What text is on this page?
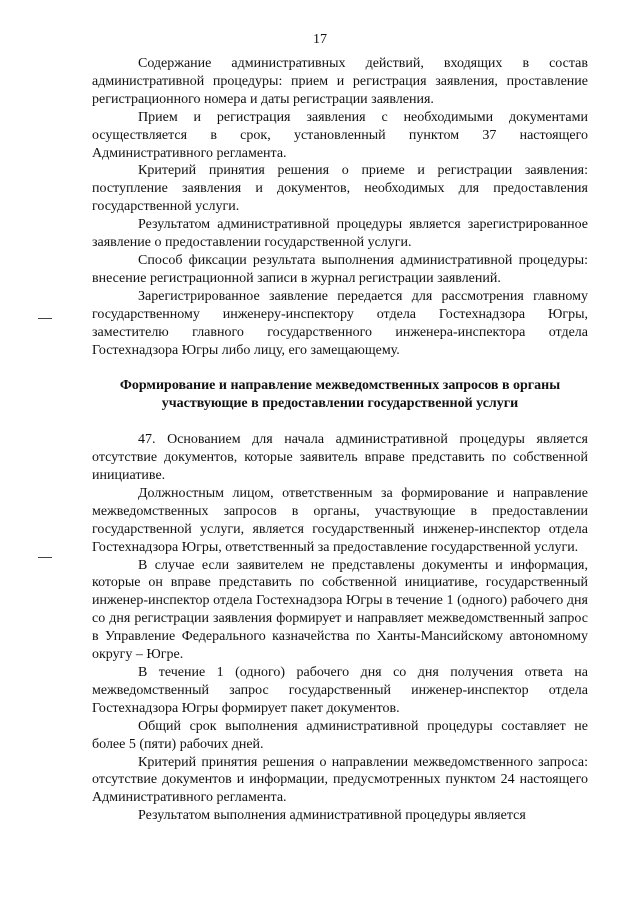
17

Содержание административных действий, входящих в состав административной процедуры: прием и регистрация заявления, проставление регистрационного номера и даты регистрации заявления.

Прием и регистрация заявления с необходимыми документами осуществляется в срок, установленный пунктом 37 настоящего Административного регламента.

Критерий принятия решения о приеме и регистрации заявления: поступление заявления и документов, необходимых для предоставления государственной услуги.

Результатом административной процедуры является зарегистрированное заявление о предоставлении государственной услуги.

Способ фиксации результата выполнения административной процедуры: внесение регистрационной записи в журнал регистрации заявлений.

Зарегистрированное заявление передается для рассмотрения главному государственному инженеру-инспектору отдела Гостехнадзора Югры, заместителю главного государственного инженера-инспектора отдела Гостехнадзора Югры либо лицу, его замещающему.

Формирование и направление межведомственных запросов в органы участвующие в предоставлении государственной услуги

47. Основанием для начала административной процедуры является отсутствие документов, которые заявитель вправе представить по собственной инициативе.

Должностным лицом, ответственным за формирование и направление межведомственных запросов в органы, участвующие в предоставлении государственной услуги, является государственный инженер-инспектор отдела Гостехнадзора Югры, ответственный за предоставление государственной услуги.

В случае если заявителем не представлены документы и информация, которые он вправе представить по собственной инициативе, государственный инженер-инспектор отдела Гостехнадзора Югры в течение 1 (одного) рабочего дня со дня регистрации заявления формирует и направляет межведомственный запрос в Управление Федерального казначейства по Ханты-Мансийскому автономному округу – Югре.

В течение 1 (одного) рабочего дня со дня получения ответа на межведомственный запрос государственный инженер-инспектор отдела Гостехнадзора Югры формирует пакет документов.

Общий срок выполнения административной процедуры составляет не более 5 (пяти) рабочих дней.

Критерий принятия решения о направлении межведомственного запроса: отсутствие документов и информации, предусмотренных пунктом 24 настоящего Административного регламента.

Результатом выполнения административной процедуры является
